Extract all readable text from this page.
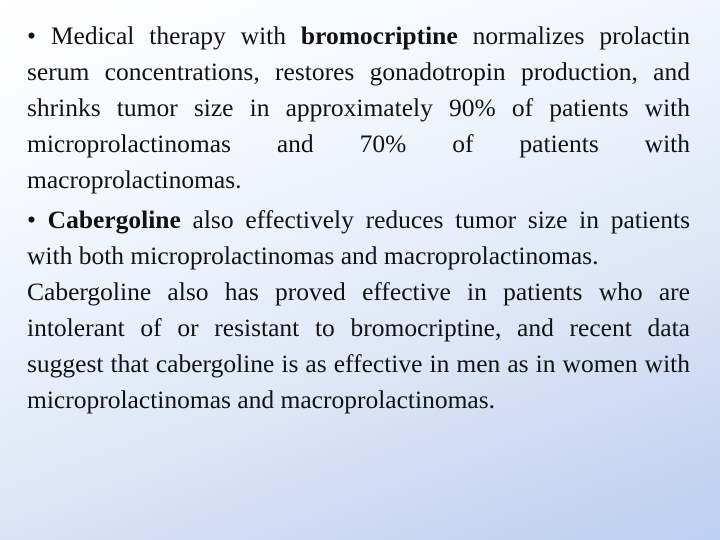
• Medical therapy with bromocriptine normalizes prolactin serum concentrations, restores gonadotropin production, and shrinks tumor size in approximately 90% of patients with microprolactinomas and 70% of patients with macroprolactinomas.

• Cabergoline also effectively reduces tumor size in patients with both microprolactinomas and macroprolactinomas.

Cabergoline also has proved effective in patients who are intolerant of or resistant to bromocriptine, and recent data suggest that cabergoline is as effective in men as in women with microprolactinomas and macroprolactinomas.
